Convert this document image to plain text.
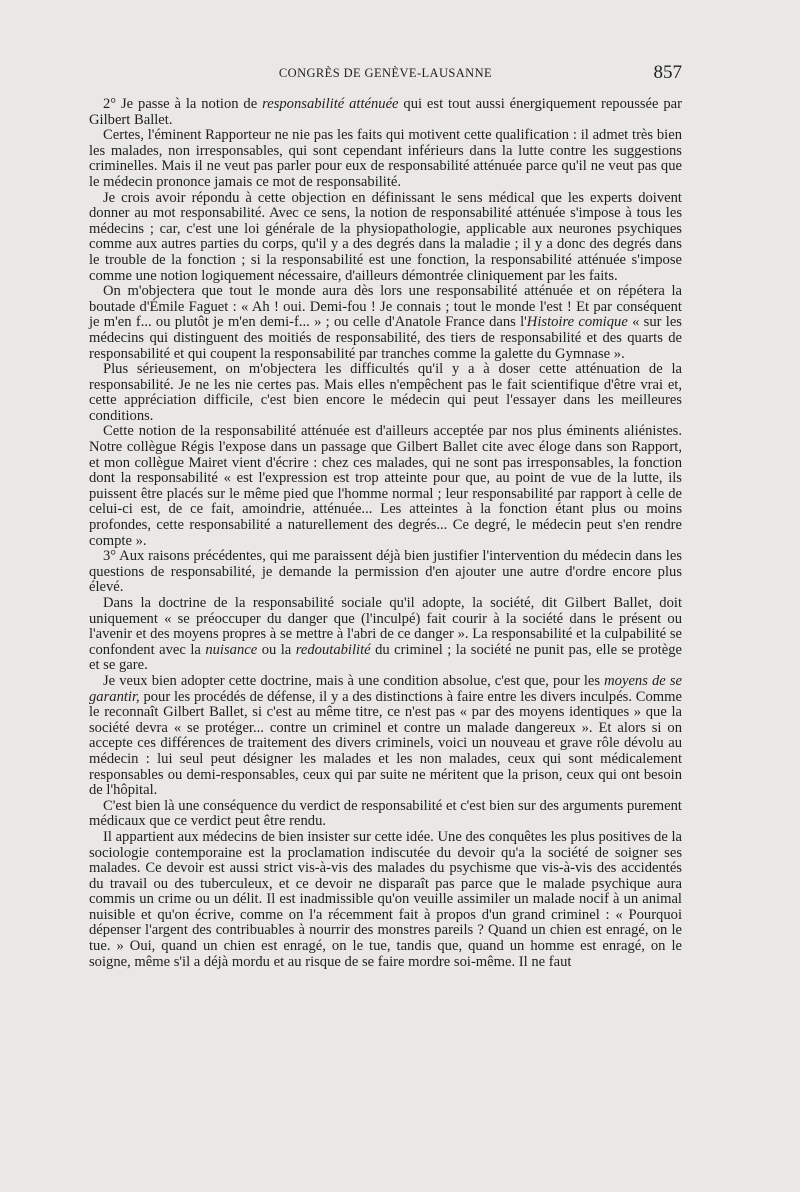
CONGRÈS DE GENÈVE-LAUSANNE	857

2° Je passe à la notion de responsabilité atténuée qui est tout aussi énergiquement repoussée par Gilbert Ballet.

Certes, l'éminent Rapporteur ne nie pas les faits qui motivent cette qualification : il admet très bien les malades, non irresponsables, qui sont cependant inférieurs dans la lutte contre les suggestions criminelles. Mais il ne veut pas parler pour eux de responsabilité atténuée parce qu'il ne veut pas que le médecin prononce jamais ce mot de responsabilité.

Je crois avoir répondu à cette objection en définissant le sens médical que les experts doivent donner au mot responsabilité. Avec ce sens, la notion de responsabilité atténuée s'impose à tous les médecins ; car, c'est une loi générale de la physiopathologie, applicable aux neurones psychiques comme aux autres parties du corps, qu'il y a des degrés dans la maladie ; il y a donc des degrés dans le trouble de la fonction ; si la responsabilité est une fonction, la responsabilité atténuée s'impose comme une notion logiquement nécessaire, d'ailleurs démontrée cliniquement par les faits.

On m'objectera que tout le monde aura dès lors une responsabilité atténuée et on répétera la boutade d'Émile Faguet : « Ah ! oui. Demi-fou ! Je connais ; tout le monde l'est ! Et par conséquent je m'en f... ou plutôt je m'en demi-f... » ; ou celle d'Anatole France dans l'Histoire comique « sur les médecins qui distinguent des moitiés de responsabilité, des tiers de responsabilité et des quarts de responsabilité et qui coupent la responsabilité par tranches comme la galette du Gymnase ».

Plus sérieusement, on m'objectera les difficultés qu'il y a à doser cette atténuation de la responsabilité. Je ne les nie certes pas. Mais elles n'empêchent pas le fait scientifique d'être vrai et, cette appréciation difficile, c'est bien encore le médecin qui peut l'essayer dans les meilleures conditions.

Cette notion de la responsabilité atténuée est d'ailleurs acceptée par nos plus éminents aliénistes. Notre collègue Régis l'expose dans un passage que Gilbert Ballet cite avec éloge dans son Rapport, et mon collègue Mairet vient d'écrire : chez ces malades, qui ne sont pas irresponsables, la fonction dont la responsabilité « est l'expression est trop atteinte pour que, au point de vue de la lutte, ils puissent être placés sur le même pied que l'homme normal ; leur responsabilité par rapport à celle de celui-ci est, de ce fait, amoindrie, atténuée... Les atteintes à la fonction étant plus ou moins profondes, cette responsabilité a naturellement des degrés... Ce degré, le médecin peut s'en rendre compte ».

3° Aux raisons précédentes, qui me paraissent déjà bien justifier l'intervention du médecin dans les questions de responsabilité, je demande la permission d'en ajouter une autre d'ordre encore plus élevé.

Dans la doctrine de la responsabilité sociale qu'il adopte, la société, dit Gilbert Ballet, doit uniquement « se préoccuper du danger que (l'inculpé) fait courir à la société dans le présent ou l'avenir et des moyens propres à se mettre à l'abri de ce danger ». La responsabilité et la culpabilité se confondent avec la nuisance ou la redoutabilité du criminel ; la société ne punit pas, elle se protège et se gare.

Je veux bien adopter cette doctrine, mais à une condition absolue, c'est que, pour les moyens de se garantir, pour les procédés de défense, il y a des distinctions à faire entre les divers inculpés. Comme le reconnaît Gilbert Ballet, si c'est au même titre, ce n'est pas « par des moyens identiques » que la société devra « se protéger... contre un criminel et contre un malade dangereux ». Et alors si on accepte ces différences de traitement des divers criminels, voici un nouveau et grave rôle dévolu au médecin : lui seul peut désigner les malades et les non malades, ceux qui sont médicalement responsables ou demi-responsables, ceux qui par suite ne méritent que la prison, ceux qui ont besoin de l'hôpital.

C'est bien là une conséquence du verdict de responsabilité et c'est bien sur des arguments purement médicaux que ce verdict peut être rendu.

Il appartient aux médecins de bien insister sur cette idée. Une des conquêtes les plus positives de la sociologie contemporaine est la proclamation indiscutée du devoir qu'a la société de soigner ses malades. Ce devoir est aussi strict vis-à-vis des malades du psychisme que vis-à-vis des accidentés du travail ou des tuberculeux, et ce devoir ne disparaît pas parce que le malade psychique aura commis un crime ou un délit. Il est inadmissible qu'on veuille assimiler un malade nocif à un animal nuisible et qu'on écrive, comme on l'a récemment fait à propos d'un grand criminel : « Pourquoi dépenser l'argent des contribuables à nourrir des monstres pareils ? Quand un chien est enragé, on le tue. » Oui, quand un chien est enragé, on le tue, tandis que, quand un homme est enragé, on le soigne, même s'il a déjà mordu et au risque de se faire mordre soi-même. Il ne faut
